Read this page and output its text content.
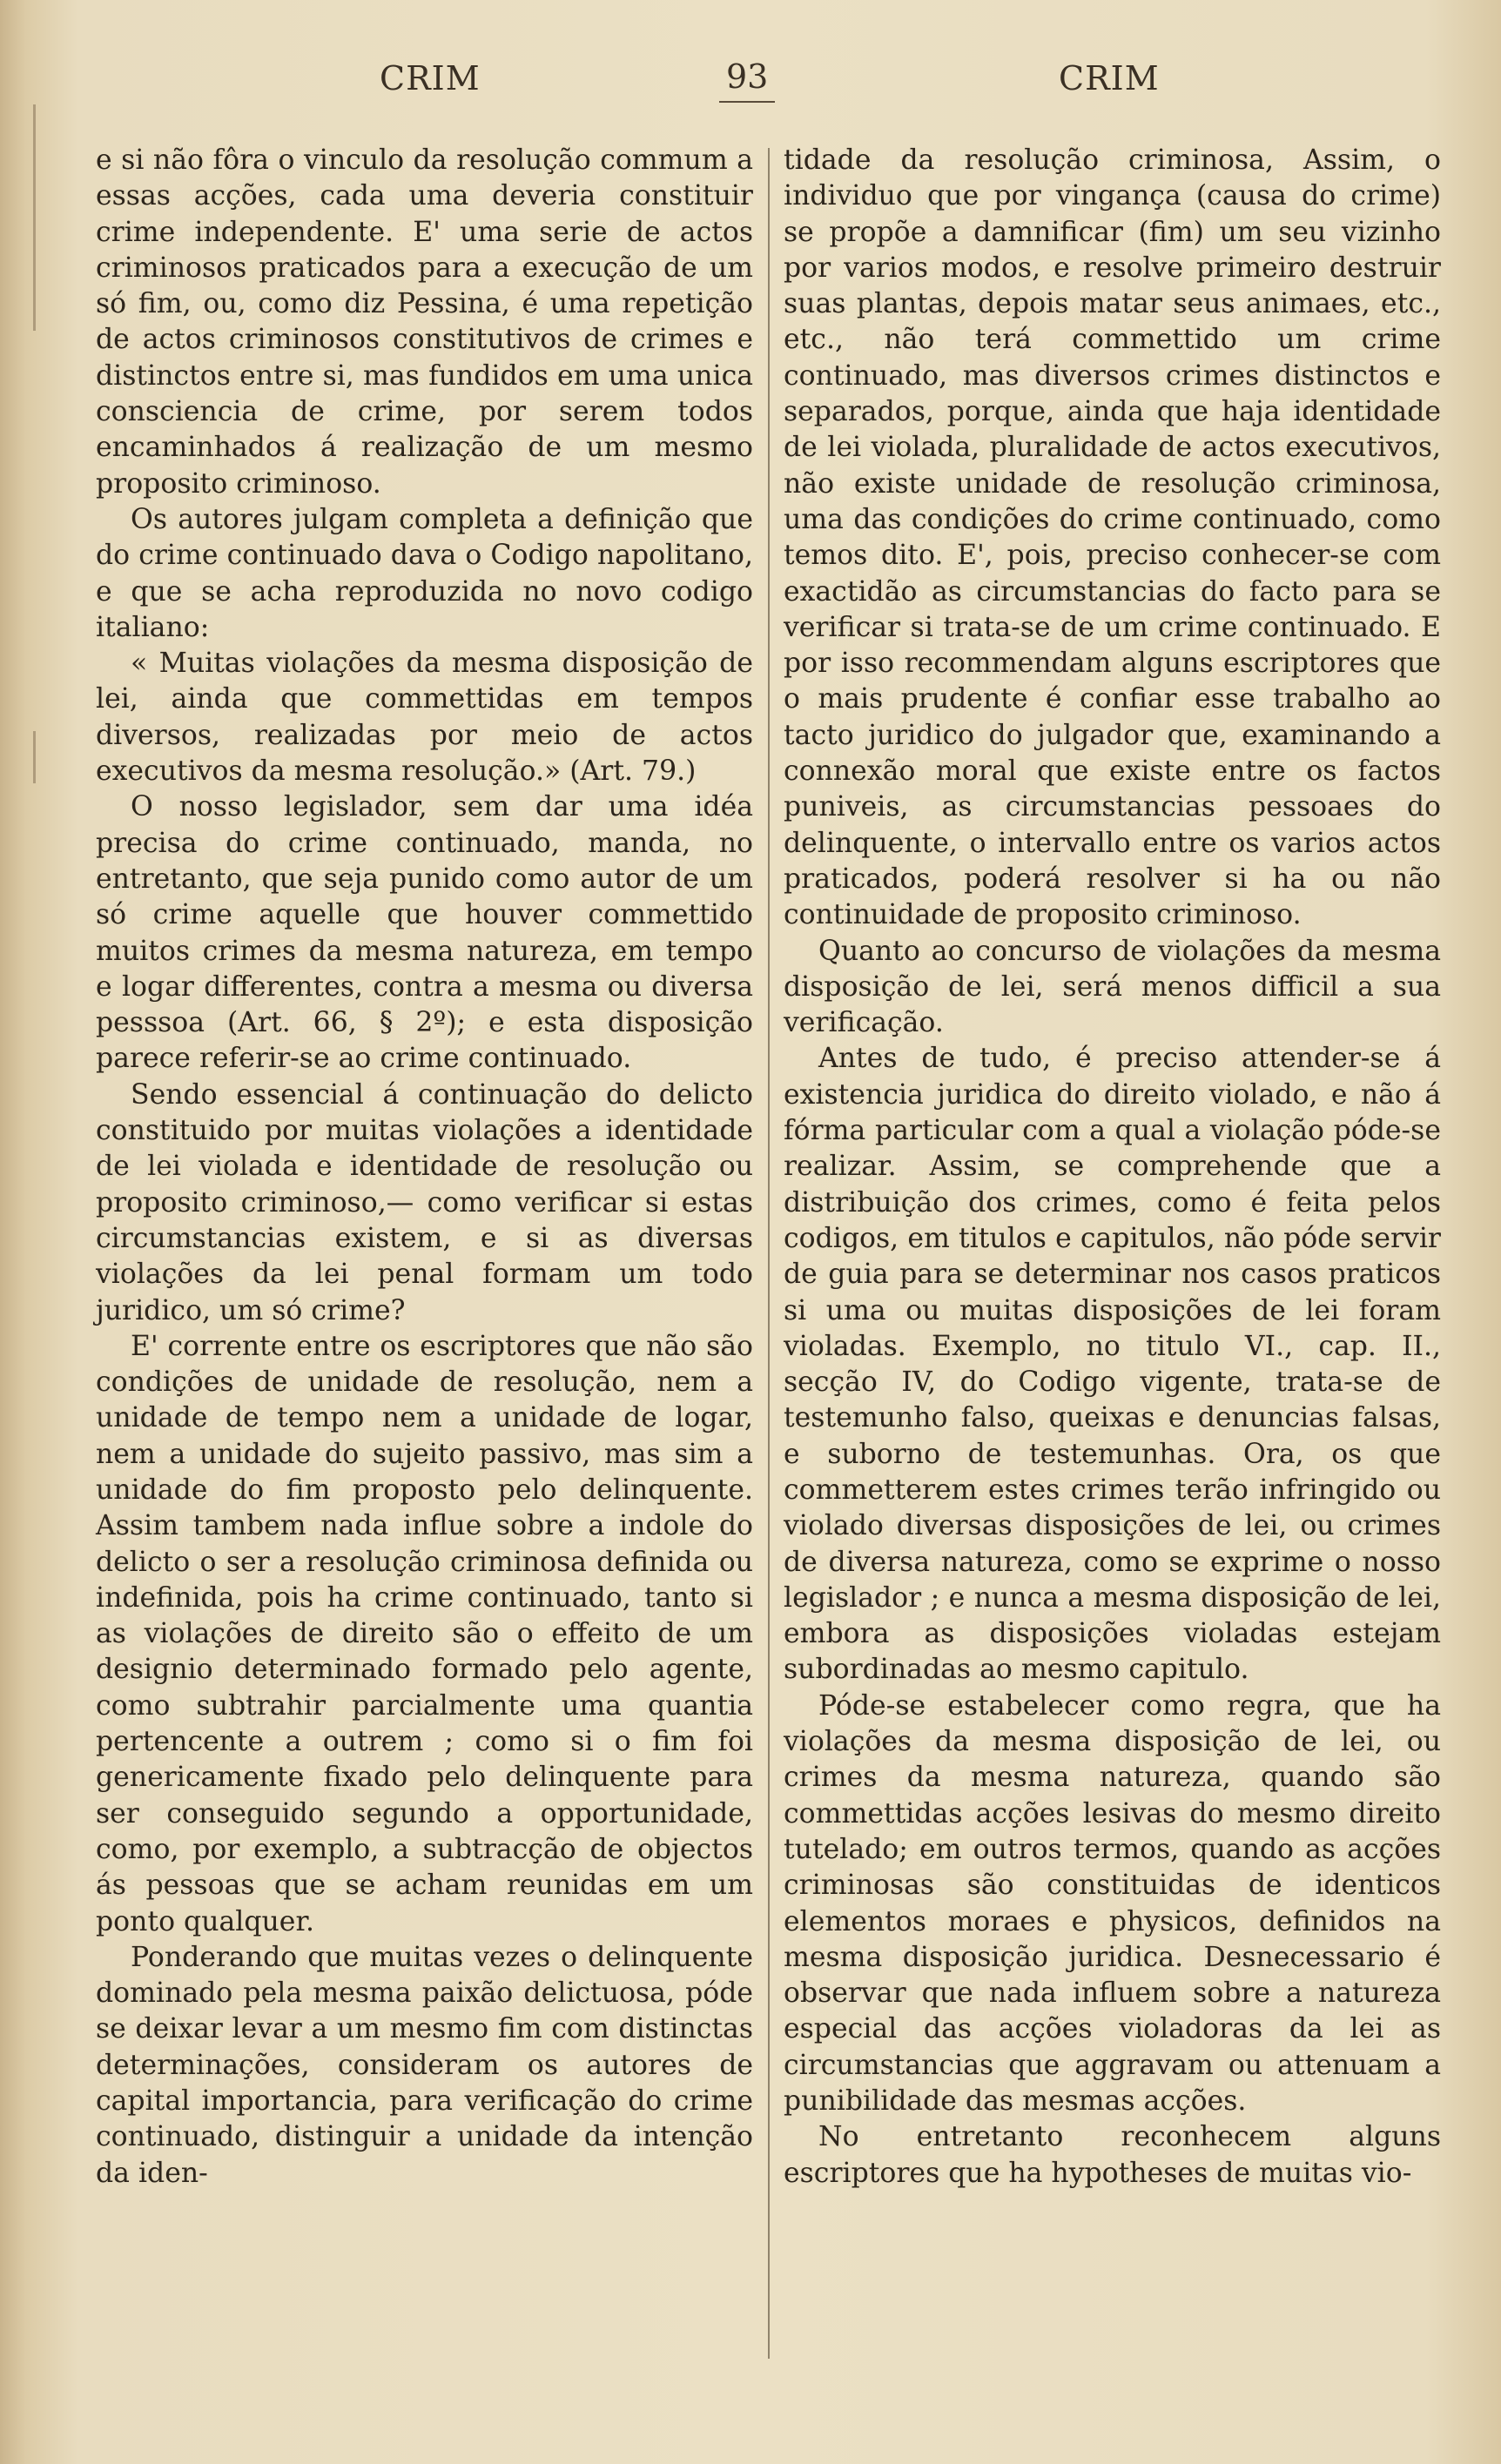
CRIM	93	CRIM

e si não fôra o vinculo da resolução commum a essas acções, cada uma deveria constituir crime independente. E' uma serie de actos criminosos praticados para a execução de um só fim, ou, como diz Pessina, é uma repetição de actos criminosos constitutivos de crimes e distinctos entre si, mas fundidos em uma unica consciencia de crime, por serem todos encaminhados á realização de um mesmo proposito criminoso.

Os autores julgam completa a definição que do crime continuado dava o Codigo napolitano, e que se acha reproduzida no novo codigo italiano:

« Muitas violações da mesma disposição de lei, ainda que commettidas em tempos diversos, realizadas por meio de actos executivos da mesma resolução.» (Art. 79.)

O nosso legislador, sem dar uma idéa precisa do crime continuado, manda, no entretanto, que seja punido como autor de um só crime aquelle que houver commettido muitos crimes da mesma natureza, em tempo e logar differentes, contra a mesma ou diversa pesssoa (Art. 66, § 2º); e esta disposição parece referir-se ao crime continuado.

Sendo essencial á continuação do delicto constituido por muitas violações a identidade de lei violada e identidade de resolução ou proposito criminoso,— como verificar si estas circumstancias existem, e si as diversas violações da lei penal formam um todo juridico, um só crime?

E' corrente entre os escriptores que não são condições de unidade de resolução, nem a unidade de tempo nem a unidade de logar, nem a unidade do sujeito passivo, mas sim a unidade do fim proposto pelo delinquente. Assim tambem nada influe sobre a indole do delicto o ser a resolução criminosa definida ou indefinida, pois ha crime continuado, tanto si as violações de direito são o effeito de um designio determinado formado pelo agente, como subtrahir parcialmente uma quantia pertencente a outrem ; como si o fim foi genericamente fixado pelo delinquente para ser conseguido segundo a opportunidade, como, por exemplo, a subtracção de objectos ás pessoas que se acham reunidas em um ponto qualquer.

Ponderando que muitas vezes o delinquente dominado pela mesma paixão delictuosa, póde se deixar levar a um mesmo fim com distinctas determinações, consideram os autores de capital importancia, para verificação do crime continuado, distinguir a unidade da intenção da iden-

tidade da resolução criminosa, Assim, o individuo que por vingança (causa do crime) se propõe a damnificar (fim) um seu vizinho por varios modos, e resolve primeiro destruir suas plantas, depois matar seus animaes, etc., etc., não terá commettido um crime continuado, mas diversos crimes distinctos e separados, porque, ainda que haja identidade de lei violada, pluralidade de actos executivos, não existe unidade de resolução criminosa, uma das condições do crime continuado, como temos dito. E', pois, preciso conhecer-se com exactidão as circumstancias do facto para se verificar si trata-se de um crime continuado. E por isso recommendam alguns escriptores que o mais prudente é confiar esse trabalho ao tacto juridico do julgador que, examinando a connexão moral que existe entre os factos puniveis, as circumstancias pessoaes do delinquente, o intervallo entre os varios actos praticados, poderá resolver si ha ou não continuidade de proposito criminoso.

Quanto ao concurso de violações da mesma disposição de lei, será menos difficil a sua verificação.

Antes de tudo, é preciso attender-se á existencia juridica do direito violado, e não á fórma particular com a qual a violação póde-se realizar. Assim, se comprehende que a distribuição dos crimes, como é feita pelos codigos, em titulos e capitulos, não póde servir de guia para se determinar nos casos praticos si uma ou muitas disposições de lei foram violadas. Exemplo, no titulo VI., cap. II., secção IV, do Codigo vigente, trata-se de testemunho falso, queixas e denuncias falsas, e suborno de testemunhas. Ora, os que commetterem estes crimes terão infringido ou violado diversas disposições de lei, ou crimes de diversa natureza, como se exprime o nosso legislador ; e nunca a mesma disposição de lei, embora as disposições violadas estejam subordinadas ao mesmo capitulo.

Póde-se estabelecer como regra, que ha violações da mesma disposição de lei, ou crimes da mesma natureza, quando são commettidas acções lesivas do mesmo direito tutelado; em outros termos, quando as acções criminosas são constituidas de identicos elementos moraes e physicos, definidos na mesma disposição juridica. Desnecessario é observar que nada influem sobre a natureza especial das acções violadoras da lei as circumstancias que aggravam ou attenuam a punibilidade das mesmas acções.

No entretanto reconhecem alguns escriptores que ha hypotheses de muitas vio-
